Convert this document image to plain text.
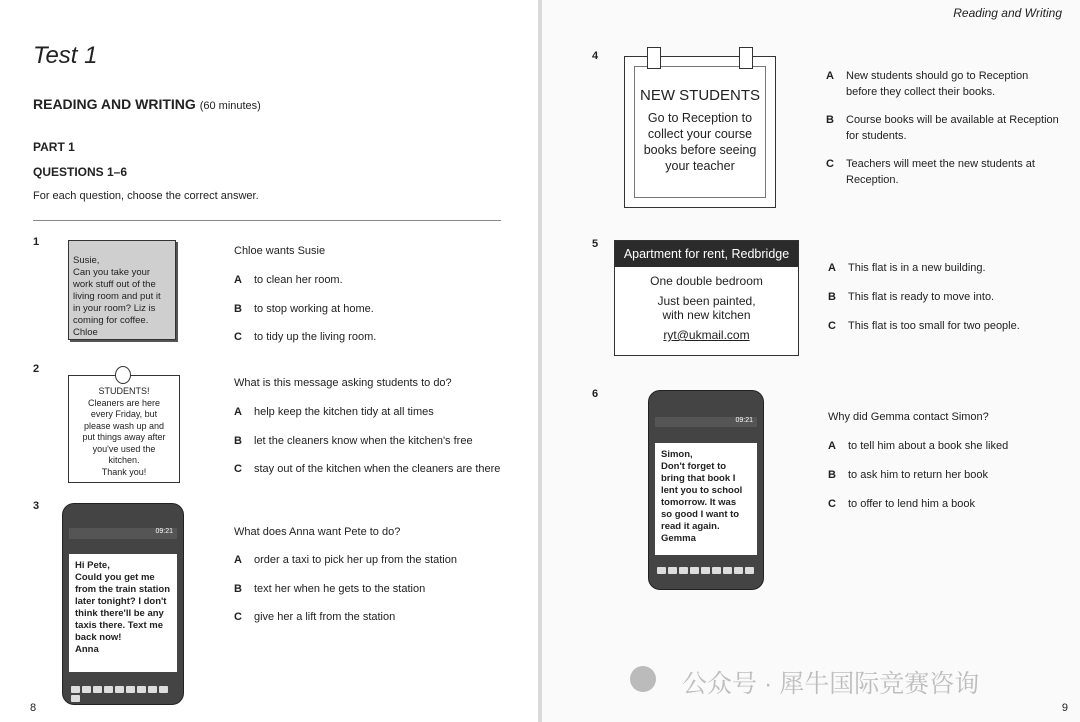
Test 1
READING AND WRITING (60 minutes)
PART 1
QUESTIONS 1–6
For each question, choose the correct answer.
1
Susie,
Can you take your
work stuff out of the
living room and put it
in your room? Liz is
coming for coffee.
Chloe
Chloe wants Susie
A to clean her room.
B to stop working at home.
C to tidy up the living room.
2
STUDENTS!
Cleaners are here
every Friday, but
please wash up and
put things away after
you've used the
kitchen.
Thank you!
What is this message asking students to do?
A help keep the kitchen tidy at all times
B let the cleaners know when the kitchen's free
C stay out of the kitchen when the cleaners are there
3
09:21
Hi Pete,
Could you get me
from the train station
later tonight? I don't
think there'll be any
taxis there. Text me
back now!
Anna
What does Anna want Pete to do?
A order a taxi to pick her up from the station
B text her when he gets to the station
C give her a lift from the station
8
Reading and Writing
4
NEW STUDENTS
Go to Reception to
collect your course
books before seeing
your teacher
A New students should go to Reception
before they collect their books.
B Course books will be available at Reception
for students.
C Teachers will meet the new students at
Reception.
5
Apartment for rent, Redbridge
One double bedroom
Just been painted,
with new kitchen
ryt@ukmail.com
A This flat is in a new building.
B This flat is ready to move into.
C This flat is too small for two people.
6
09:21
Simon,
Don't forget to
bring that book I
lent you to school
tomorrow. It was
so good I want to
read it again.
Gemma
Why did Gemma contact Simon?
A to tell him about a book she liked
B to ask him to return her book
C to offer to lend him a book
公众号 · 犀牛国际竞赛咨询
9
